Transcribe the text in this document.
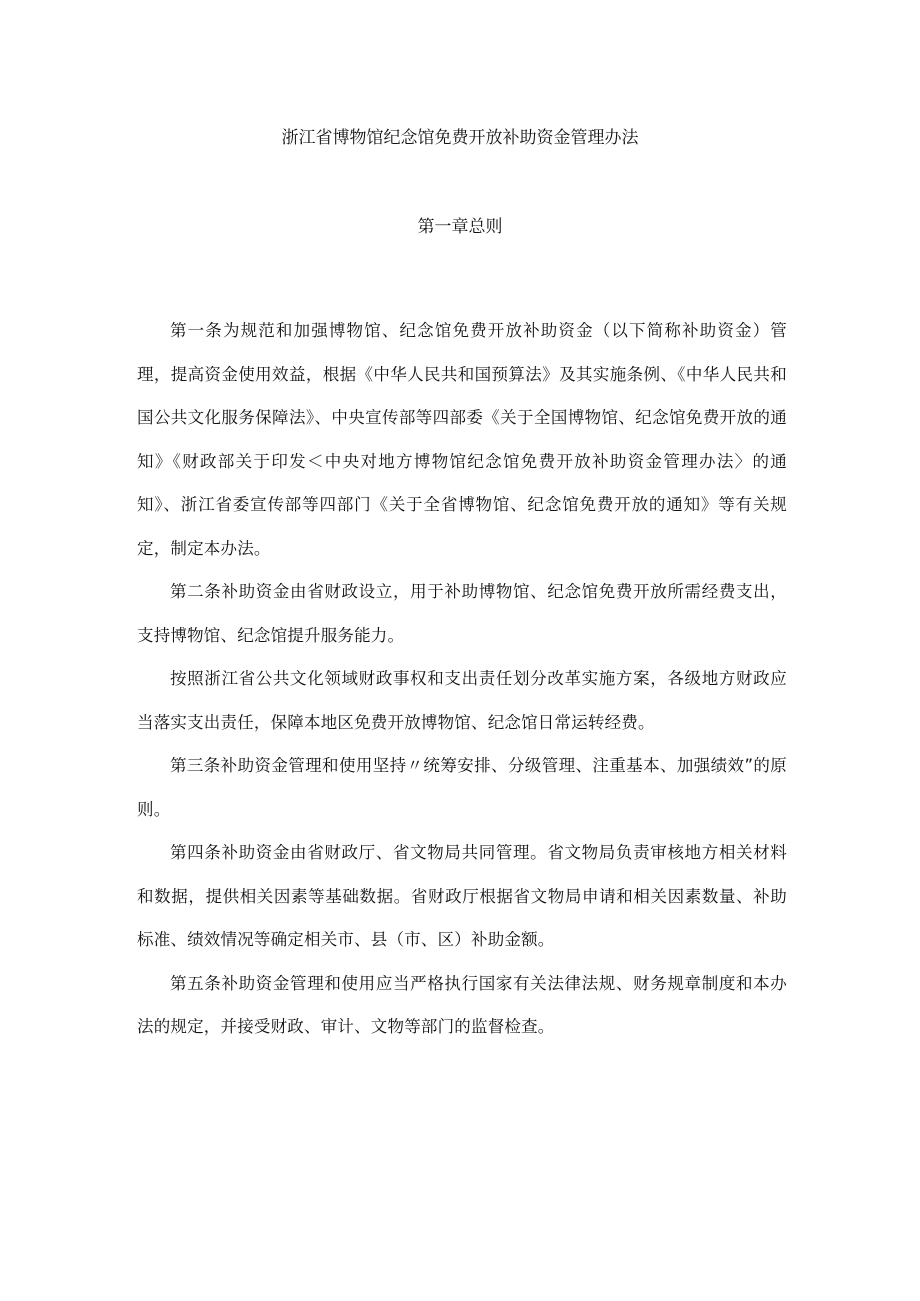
浙江省博物馆纪念馆免费开放补助资金管理办法
第一章总则

第一条为规范和加强博物馆、纪念馆免费开放补助资金（以下简称补助资金）管理，提高资金使用效益，根据《中华人民共和国预算法》及其实施条例、《中华人民共和国公共文化服务保障法》、中央宣传部等四部委《关于全国博物馆、纪念馆免费开放的通知》《财政部关于印发＜中央对地方博物馆纪念馆免费开放补助资金管理办法〉的通知》、浙江省委宣传部等四部门《关于全省博物馆、纪念馆免费开放的通知》等有关规定，制定本办法。

第二条补助资金由省财政设立，用于补助博物馆、纪念馆免费开放所需经费支出，支持博物馆、纪念馆提升服务能力。

按照浙江省公共文化领域财政事权和支出责任划分改革实施方案，各级地方财政应当落实支出责任，保障本地区免费开放博物馆、纪念馆日常运转经费。

第三条补助资金管理和使用坚持〃统筹安排、分级管理、注重基本、加强绩效”的原则。

第四条补助资金由省财政厅、省文物局共同管理。省文物局负责审核地方相关材料和数据，提供相关因素等基础数据。省财政厅根据省文物局申请和相关因素数量、补助标准、绩效情况等确定相关市、县（市、区）补助金额。

第五条补助资金管理和使用应当严格执行国家有关法律法规、财务规章制度和本办法的规定，并接受财政、审计、文物等部门的监督检查。
